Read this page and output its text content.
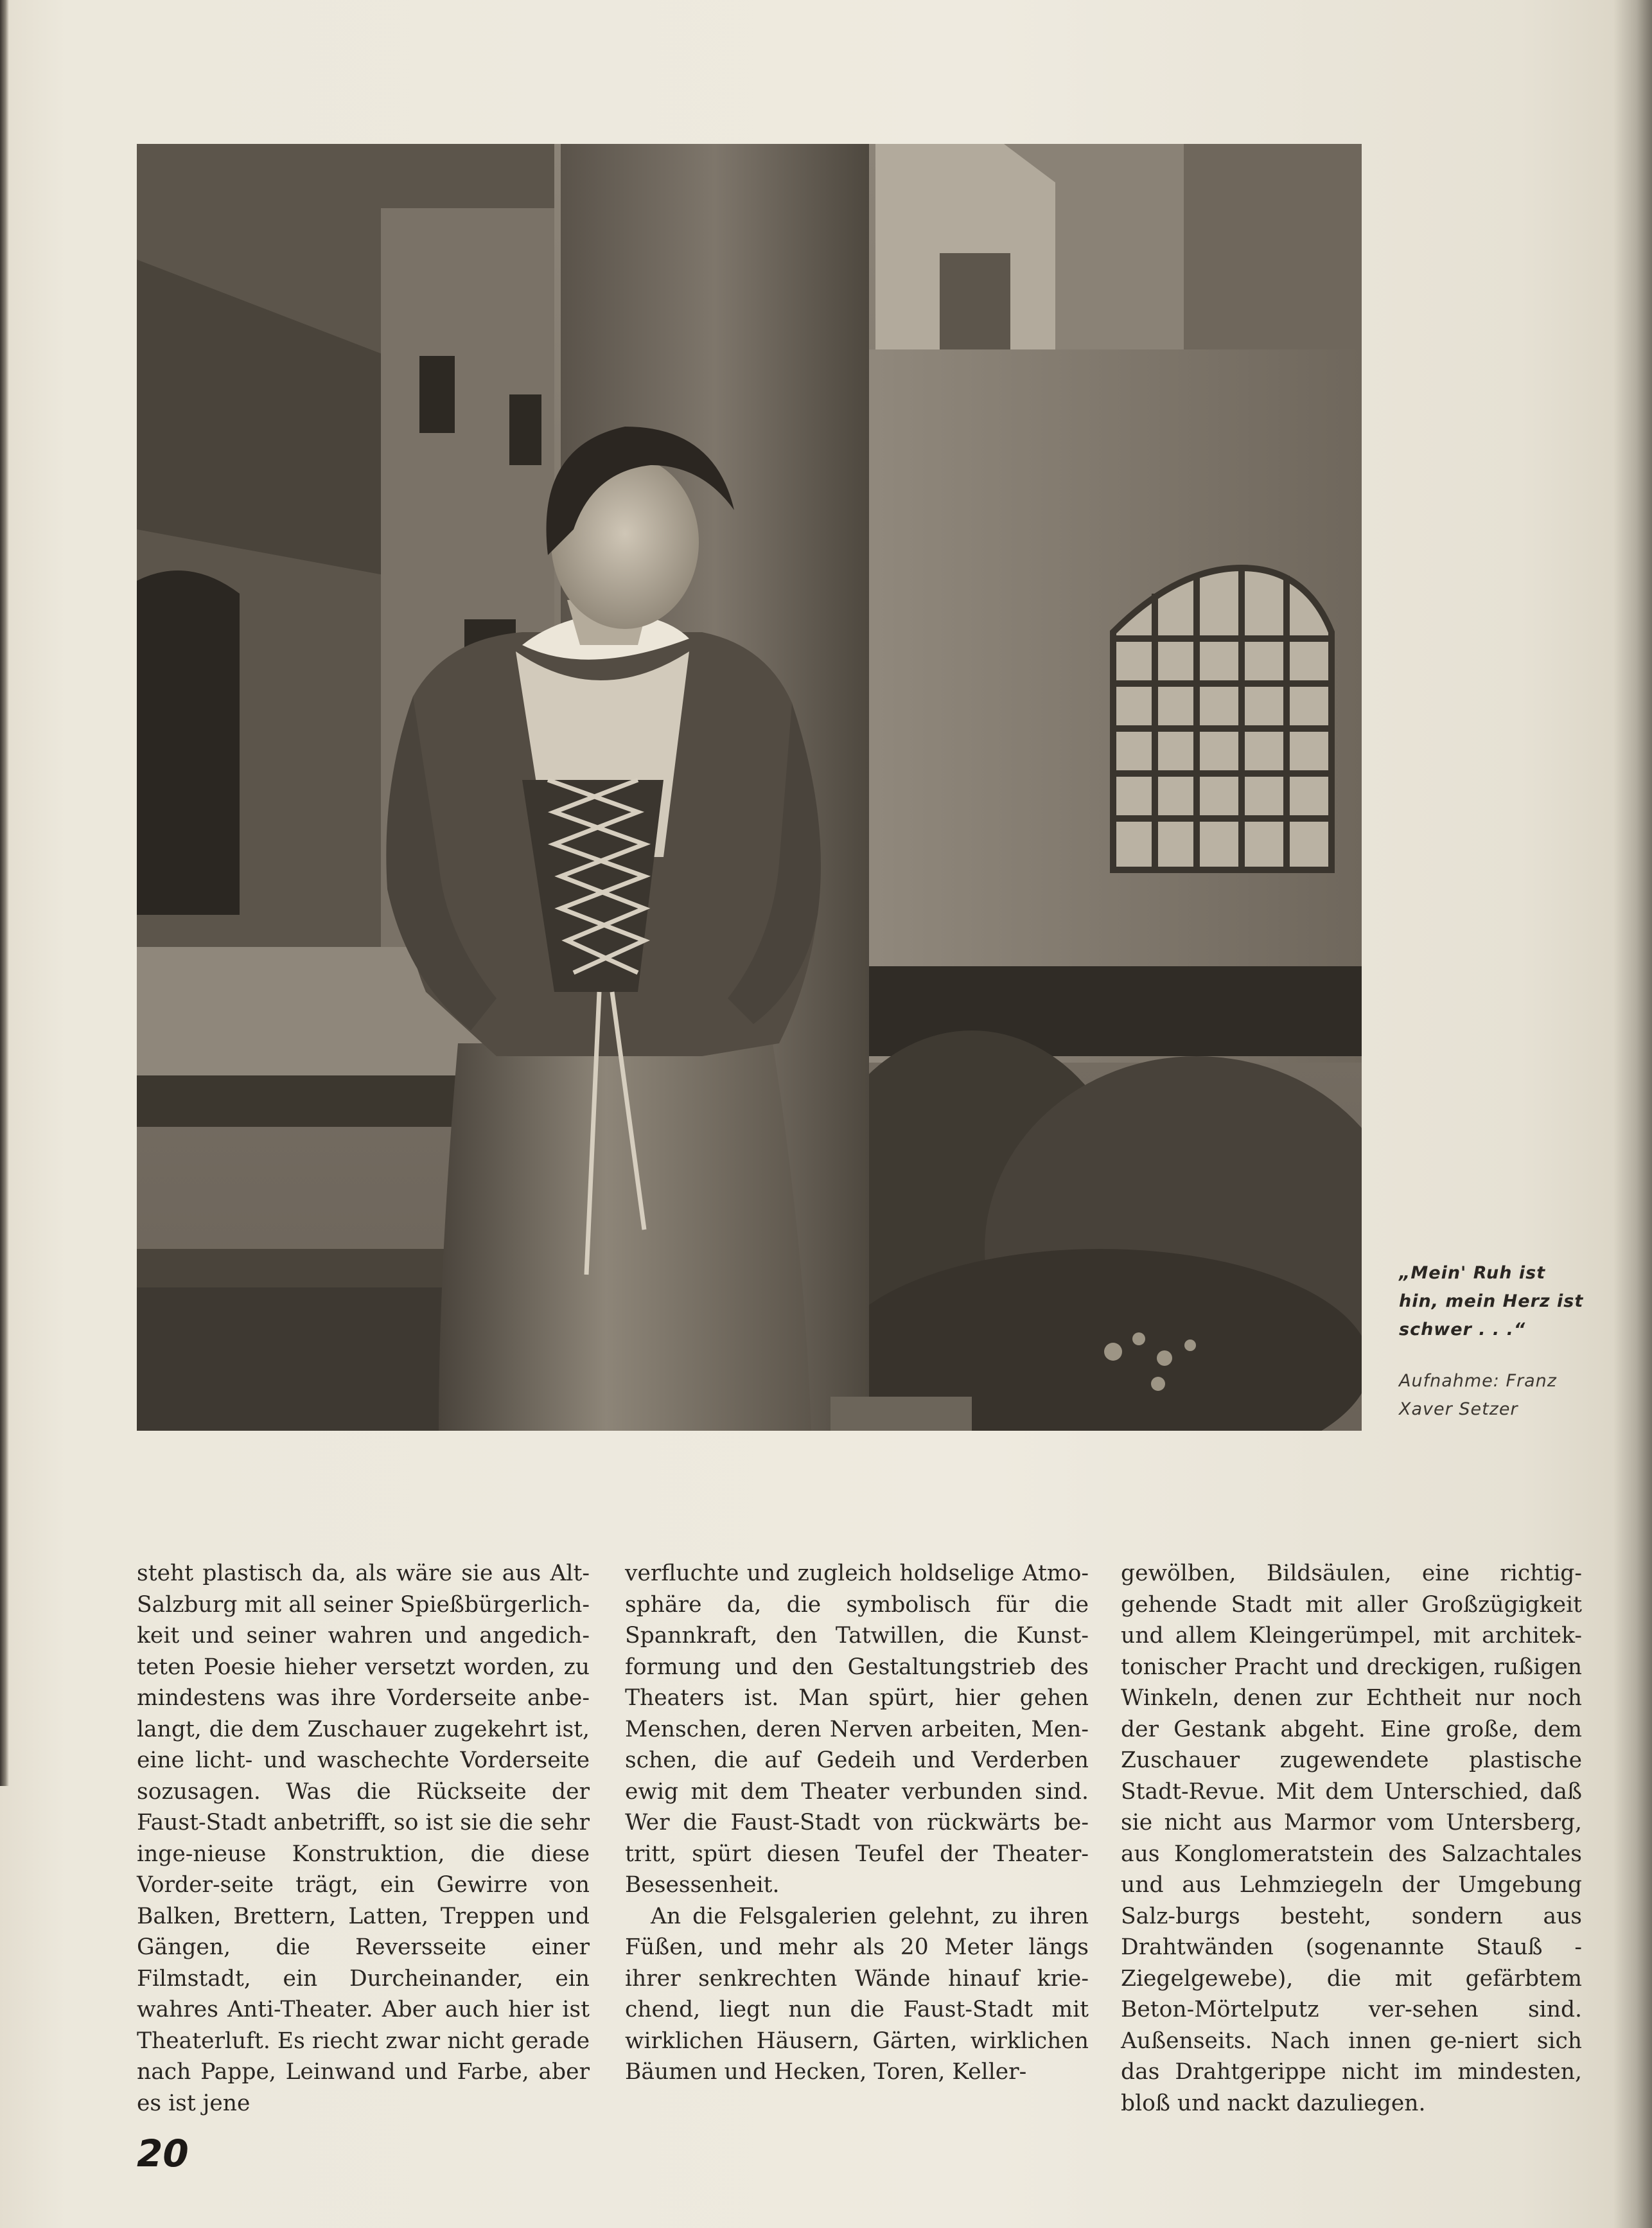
„Mein' Ruh ist hin, mein Herz ist schwer . . .“

Aufnahme: Franz Xaver Setzer

steht plastisch da, als wäre sie aus Alt-Salzburg mit all seiner Spießbürgerlich-keit und seiner wahren und angedich-teten Poesie hieher versetzt worden, zu mindestens was ihre Vorderseite anbe-langt, die dem Zuschauer zugekehrt ist, eine licht- und waschechte Vorderseite sozusagen. Was die Rückseite der Faust-Stadt anbetrifft, so ist sie die sehr inge-nieuse Konstruktion, die diese Vorder-seite trägt, ein Gewirre von Balken, Brettern, Latten, Treppen und Gängen, die Reversseite einer Filmstadt, ein Durcheinander, ein wahres Anti-Theater. Aber auch hier ist Theaterluft. Es riecht zwar nicht gerade nach Pappe, Leinwand und Farbe, aber es ist jene

verfluchte und zugleich holdselige Atmo-sphäre da, die symbolisch für die Spannkraft, den Tatwillen, die Kunst-formung und den Gestaltungstrieb des Theaters ist. Man spürt, hier gehen Menschen, deren Nerven arbeiten, Men-schen, die auf Gedeih und Verderben ewig mit dem Theater verbunden sind. Wer die Faust-Stadt von rückwärts be-tritt, spürt diesen Teufel der Theater-Besessenheit.

An die Felsgalerien gelehnt, zu ihren Füßen, und mehr als 20 Meter längs ihrer senkrechten Wände hinauf krie-chend, liegt nun die Faust-Stadt mit wirklichen Häusern, Gärten, wirklichen Bäumen und Hecken, Toren, Keller-

gewölben, Bildsäulen, eine richtig-gehende Stadt mit aller Großzügigkeit und allem Kleingerümpel, mit architek-tonischer Pracht und dreckigen, rußigen Winkeln, denen zur Echtheit nur noch der Gestank abgeht. Eine große, dem Zuschauer zugewendete plastische Stadt-Revue. Mit dem Unterschied, daß sie nicht aus Marmor vom Untersberg, aus Konglomeratstein des Salzachtales und aus Lehmziegeln der Umgebung Salz-burgs besteht, sondern aus Drahtwänden (sogenannte Stauß - Ziegelgewebe), die mit gefärbtem Beton-Mörtelputz ver-sehen sind. Außenseits. Nach innen ge-niert sich das Drahtgerippe nicht im mindesten, bloß und nackt dazuliegen.

20
